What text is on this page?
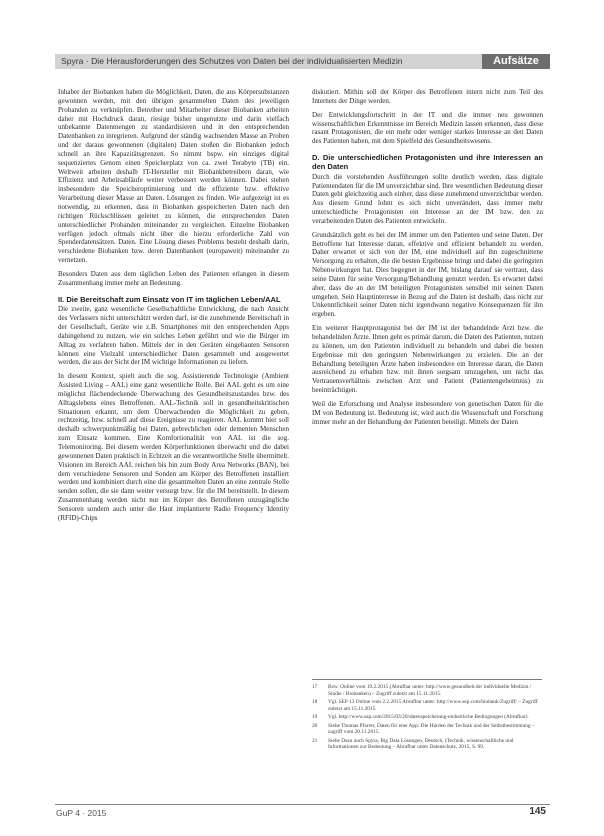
Spyra · Die Herausforderungen des Schutzes von Daten bei der individualisierten Medizin	Aufsätze

Inhaber der Biobanken haben die Möglichkeit, Daten, die aus Körpersubstanzen gewonnen werden, mit den übrigen gesammelten Daten des jeweiligen Probanden zu verknüpfen. Betreiber und Mitarbeiter dieser Biobanken arbeiten daher mit Hochdruck daran, riesige bisher ungenutzte und darin vielfach unbekannte Datenmengen zu standardisieren und in den entsprechenden Datenbanken zu integrieren. Aufgrund der ständig wachsenden Masse an Proben und der daraus gewonnenen (digitalen) Daten stoßen die Biobanken jedoch schnell an ihre Kapazitätsgrenzen. So nimmt bspw. ein einziges digital sequenziertes Genom einen Speicherplatz von ca. zwei Terabyte (TB) ein. Weltweit arbeiten deshalb IT-Hersteller mit Biobankbetreibern daran, wie Effizienz und Arbeitsabläufe weiter verbessert werden können. Dabei stehen insbesondere die Speicheroptimierung und die effiziente bzw. effektive Verarbeitung dieser Masse an Daten. Lösungen zu finden. Wie aufgezeigt ist es notwendig, zu erkennen, dass in Biobanken gespeicherten Daten nach den richtigen Rückschlüssen geleitet zu können, die entsprechenden Daten unterschiedlicher Probanden miteinander zu vergleichen. Einzelne Biobanken verfügen jedoch oftmals nicht über die hierzu erforderliche Zahl von Spenderdatensätzen. Daten. Eine Lösung dieses Problems besteht deshalb darin, verschiedene Biobanken bzw. deren Datenbanken (europaweit) miteinander zu vernetzen.

Besonders Daten aus dem täglichen Leben des Patienten erlangen in diesem Zusammenhang immer mehr an Bedeutung.

II. Die Bereitschaft zum Einsatz von IT im täglichen Leben/AAL

Die zweite, ganz wesentliche Gesellschaftliche Entwicklung, die nach Ansicht des Verfassers nicht unterschätzt werden darf, ist die zunehmende Bereitschaft in der Gesellschaft, Geräte wie z.B. Smartphones mit den entsprechenden Apps dahingehend zu nutzen, wie ein solches Leben geführt und wie die Bürger im Alltag zu verfahren haben. Mittels der in den Geräten eingebauten Sensoren können eine Vielzahl unterschiedlicher Daten gesammelt und ausgewertet werden, die aus der Sicht der IM wichtige Informationen zu liefern.

In diesem Kontext, spielt auch die sog. Assistierende Technologie (Ambient Assisted Living – AAL) eine ganz wesentliche Rolle. Bei AAL geht es um eine möglichst flächendeckende Überwachung des Gesundheitszustandes bzw. des Alltagslebens eines Betroffenen. AAL-Technik soll in gesundheitskritischen Situationen erkannt, um dem Überwachenden die Möglichkeit zu geben, rechtzeitig, bzw. schnell auf diese Ereignisse zu reagieren. AAL kommt hier soll deshalb schwerpunktmäßig bei Daten, gebrechlichen oder dementen Menschen zum Einsatz kommen. Eine Komfortionalität von AAL ist die sog. Telemonitoring. Bei diesem werden Körperfunktionen überwacht und die dabei gewonnenen Daten praktisch in Echtzeit an die verantwortliche Stelle übermittelt. Visionen im Bereich AAL reichen bis hin zum Body Area Networks (BAN), bei dem verschiedene Sensoren und Sonden am Körper des Betroffenen installiert werden und kombiniert durch eine die gesammelten Daten an eine zentrale Stelle senden sollen, die sie dann weiter versorgt bzw. für die IM bereitstellt. In diesem Zusammenhang werden nicht nur im Körper des Betroffenen unzugängliche Sensoren sondern auch unter die Haut implantierte Radio Frequency Identity (RFID)-Chips

diskutiert. Mithin soll der Körper des Betroffenen intern nicht zum Teil des Internets der Dinge werden.

Der Entwicklungsfortschritt in der IT und die immer neu gewonnen wissenschaftlichen Erkenntnisse im Bereich Medizin lassen erkennen, dass diese rasant Protagonisten, die ein mehr oder weniger starkes Interesse an den Daten des Patienten haben, mit dem Spielfeld des Gesundheitswesens.

D. Die unterschiedlichen Protagonisten und ihre Interessen an den Daten

Durch die vorstehenden Ausführungen sollte deutlich werden, dass digitale Patientendaten für die IM unverzichtbar sind. Ihre wesentlichen Bedeutung dieser Daten geht gleichzeitig auch einher, dass diese zunehmend unverzichtbar werden. Aus diesem Grund lohnt es sich nicht unverändert, dass immer mehr unterschiedliche Protagonisten ein Interesse an der IM bzw. den zu verarbeitenden Daten des Patienten entwickeln.

Grundsätzlich geht es bei der IM immer um den Patienten und seine Daten. Der Betroffene hat Interesse daran, effektive und effizient behandelt zu werden. Daher erwartet er sich von der IM, eine individuell auf ihn zugeschnittene Versorgung zu erhalten, die die besten Ergebnisse bringt und dabei die geringsten Nebenwirkungen hat. Dies begegnet in der IM, bislang darauf sie vertraut, dass seine Daten für seine Versorgung/Behandlung genutzt werden. Es erwartet dabei aber, dass die an der IM beteiligten Protagonisten sensibel mit seinen Daten umgehen. Sein Hauptinteresse in Bezug auf die Daten ist deshalb, dass nicht zur Unkenntlichkeit seiner Daten nicht irgendwann negative Konsequenzen für ihn ergeben.

Ein weiterer Hauptprotagonist bei der IM ist der behandelnde Arzt bzw. die behandelnden Ärzte. Ihnen geht es primär darum, die Daten des Patienten, nutzen zu können, um den Patienten individuell zu behandeln und dabei die besten Ergebnisse mit den geringsten Nebenwirkungen zu erzielen. Die an der Behandlung beteiligten Ärzte haben insbesondere ein Interesse daran, die Daten ausreichend zu erhalten bzw. mit ihnen sorgsam umzugehen, um nicht das Vertrauensverhältnis zwischen Arzt und Patient (Patientengeheimnis) zu beeinträchtigen.

Weil die Erforschung und Analyse insbesondere von genetischen Daten für die IM von Bedeutung ist. Bedeutung ist, wird auch die Wissenschaft und Forschung immer mehr an der Behandlung der Patienten beteiligt. Mittels der Daten

17	Bzw. Online vom 19.2.2015 (Abrufbar unter: http://www.gesundheit.de/ individuelle Medizin / Studie / Biobanken) – Zugriff zuletzt am 15.11.2015.
18	Vgl. SEP 13 Online vom 2.2.2015 Abrufbar unter: http://www.sep.com/biobank/Zugriff/ – Zugriff zuletzt am 15.11.2015.
19	Vgl. http://www.sap.com/2015/03/20/datenspeicherung-einheitliche Bedingungen (Abrufbar).
20	Siehe Thomas Pfarrer, Daten für eine App: Die Hürden der Technik und der Selbstbestimmung – zugriff vom 20.11.2015.
21	Siehe Dazu auch Spyra, Big Data Lösungen, Deutsch, (Technik, wissenschaftliche und Informationen zur Bedeutung – Abrufbar unter Datenschutz, 2015, S. 99.
GuP 4 · 2015	145
